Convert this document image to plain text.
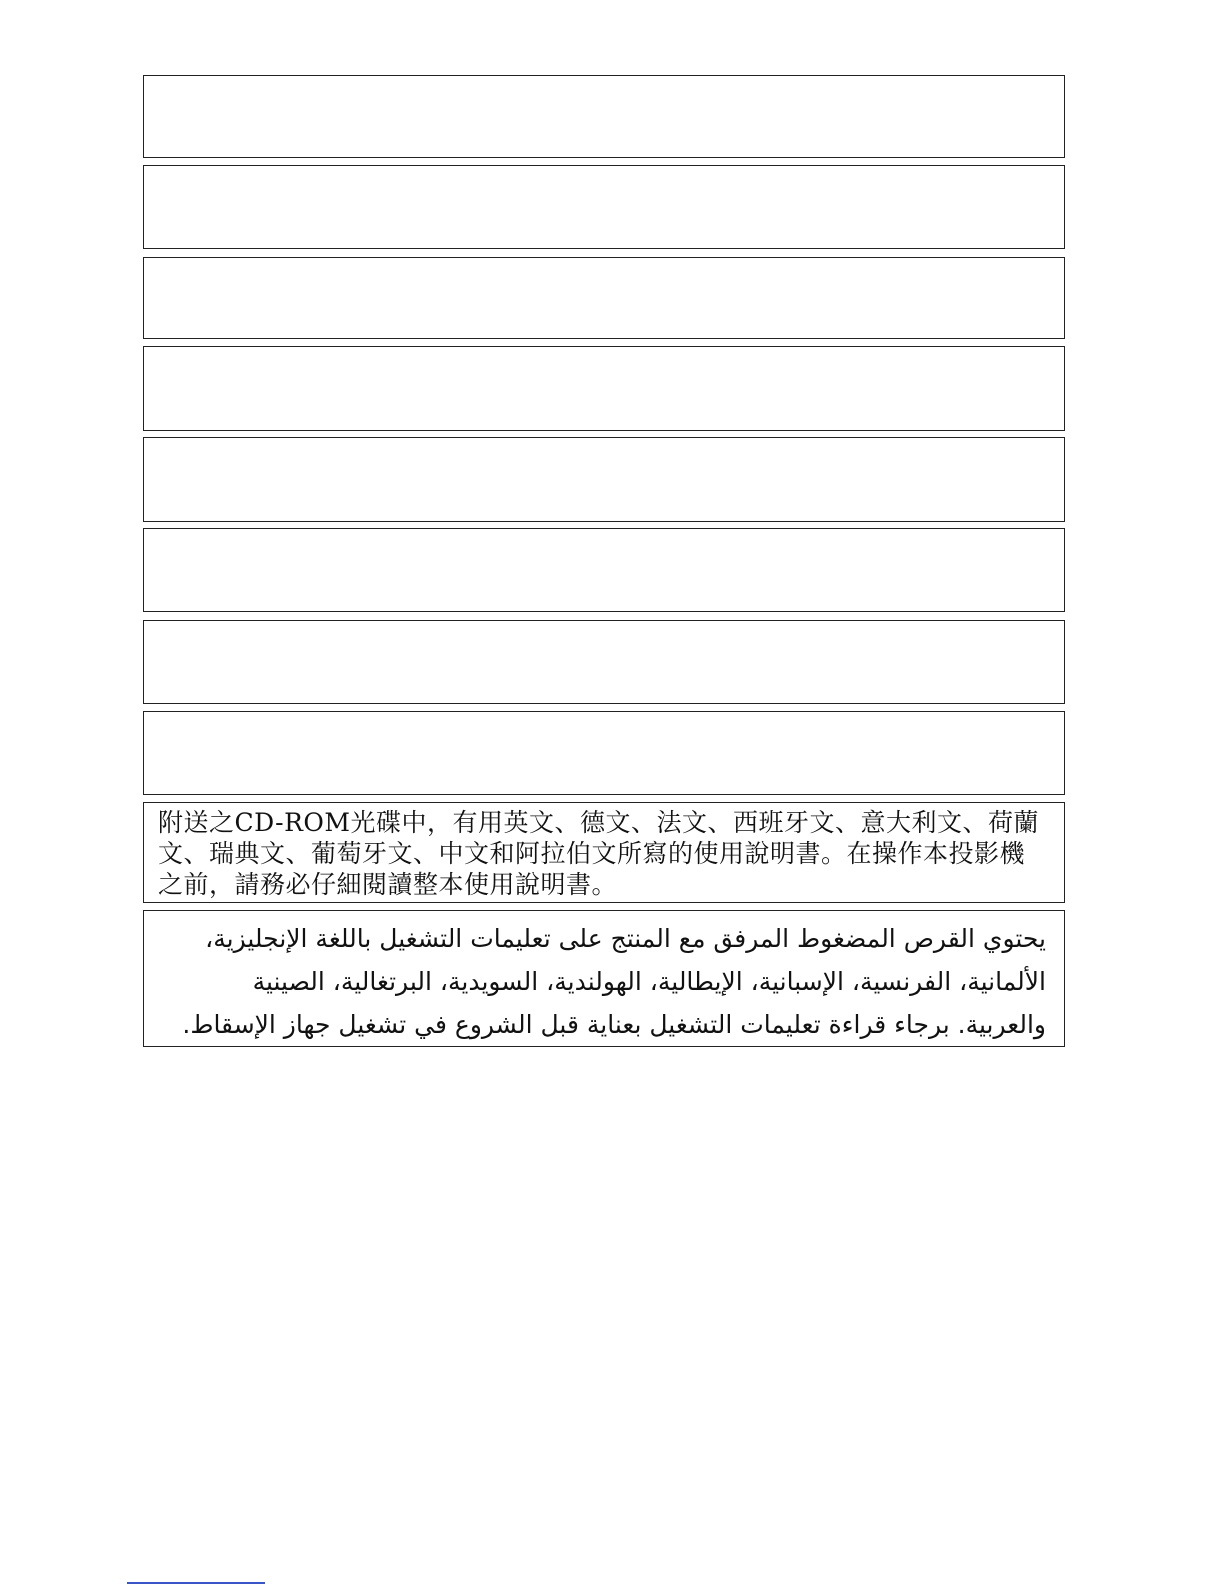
附送之CD-ROM光碟中，有用英文、德文、法文、西班牙文、意大利文、荷蘭文、瑞典文、葡萄牙文、中文和阿拉伯文所寫的使用說明書。在操作本投影機之前，請務必仔細閱讀整本使用說明書。
يحتوي القرص المضغوط المرفق مع المنتج على تعليمات التشغيل باللغة الإنجليزية، الألمانية، الفرنسية، الإسبانية، الإيطالية، الهولندية، السويدية، البرتغالية، الصينية والعربية. برجاء قراءة تعليمات التشغيل بعناية قبل الشروع في تشغيل جهاز الإسقاط.
